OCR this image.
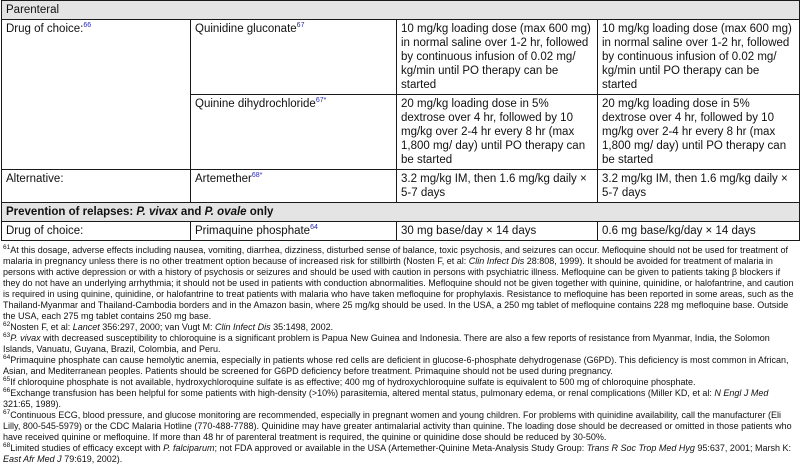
Parenteral			
Drug of choice:$^{66}$	Quinidine gluconate$^{67}$	10 mg/kg loading dose (max 600 mg) in normal saline over 1-2 hr, followed by continuous infusion of 0.02 mg/ kg/min until PO therapy can be started	10 mg/kg loading dose (max 600 mg) in normal saline over 1-2 hr, followed by continuous infusion of 0.02 mg/ kg/min until PO therapy can be started
	Quinine dihydrochloride$^{67*}$	20 mg/kg loading dose in 5% dextrose over 4 hr, followed by 10 mg/kg over 2-4 hr every 8 hr (max 1,800 mg/ day) until PO therapy can be started	20 mg/kg loading dose in 5% dextrose over 4 hr, followed by 10 mg/kg over 2-4 hr every 8 hr (max 1,800 mg/ day) until PO therapy can be started
Alternative:	Artemether$^{68*}$	3.2 mg/kg IM, then 1.6 mg/kg daily × 5-7 days	3.2 mg/kg IM, then 1.6 mg/kg daily × 5-7 days
Prevention of relapses: P. vivax and P. ovale only			
Drug of choice:	Primaquine phosphate$^{64}$	30 mg base/day × 14 days	0.6 mg base/kg/day × 14 days

$^{61}$At this dosage, adverse effects including nausea, vomiting, diarrhea, dizziness, disturbed sense of balance, toxic psychosis, and seizures can occur. Mefloquine should not be used for treatment of malaria in pregnancy unless there is no other treatment option because of increased risk for stillbirth (Nosten F, et al: Clin Infect Dis 28:808, 1999). It should be avoided for treatment of malaria in persons with active depression or with a history of psychosis or seizures and should be used with caution in persons with psychiatric illness. Mefloquine can be given to patients taking β blockers if they do not have an underlying arrhythmia; it should not be used in patients with conduction abnormalities. Mefloquine should not be given together with quinine, quinidine, or halofantrine, and caution is required in using quinine, quinidine, or halofantrine to treat patients with malaria who have taken mefloquine for prophylaxis. Resistance to mefloquine has been reported in some areas, such as the Thailand-Myanmar and Thailand-Cambodia borders and in the Amazon basin, where 25 mg/kg should be used. In the USA, a 250 mg tablet of mefloquine contains 228 mg mefloquine base. Outside the USA, each 275 mg tablet contains 250 mg base.

$^{62}$Nosten F, et al: Lancet 356:297, 2000; van Vugt M: Clin Infect Dis 35:1498, 2002.

$^{63}$P. vivax with decreased susceptibility to chloroquine is a significant problem is Papua New Guinea and Indonesia. There are also a few reports of resistance from Myanmar, India, the Solomon Islands, Vanuatu, Guyana, Brazil, Colombia, and Peru.

$^{64}$Primaquine phosphate can cause hemolytic anemia, especially in patients whose red cells are deficient in glucose-6-phosphate dehydrogenase (G6PD). This deficiency is most common in African, Asian, and Mediterranean peoples. Patients should be screened for G6PD deficiency before treatment. Primaquine should not be used during pregnancy.

$^{65}$If chloroquine phosphate is not available, hydroxychloroquine sulfate is as effective; 400 mg of hydroxychloroquine sulfate is equivalent to 500 mg of chloroquine phosphate.

$^{66}$Exchange transfusion has been helpful for some patients with high-density (>10%) parasitemia, altered mental status, pulmonary edema, or renal complications (Miller KD, et al: N Engl J Med 321:65, 1989).

$^{67}$Continuous ECG, blood pressure, and glucose monitoring are recommended, especially in pregnant women and young children. For problems with quinidine availability, call the manufacturer (Eli Lilly, 800-545-5979) or the CDC Malaria Hotline (770-488-7788). Quinidine may have greater antimalarial activity than quinine. The loading dose should be decreased or omitted in those patients who have received quinine or mefloquine. If more than 48 hr of parenteral treatment is required, the quinine or quinidine dose should be reduced by 30-50%.

$^{68}$Limited studies of efficacy except with P. falciparum; not FDA approved or available in the USA (Artemether-Quinine Meta-Analysis Study Group: Trans R Soc Trop Med Hyg 95:637, 2001; Marsh K: East Afr Med J 79:619, 2002).
